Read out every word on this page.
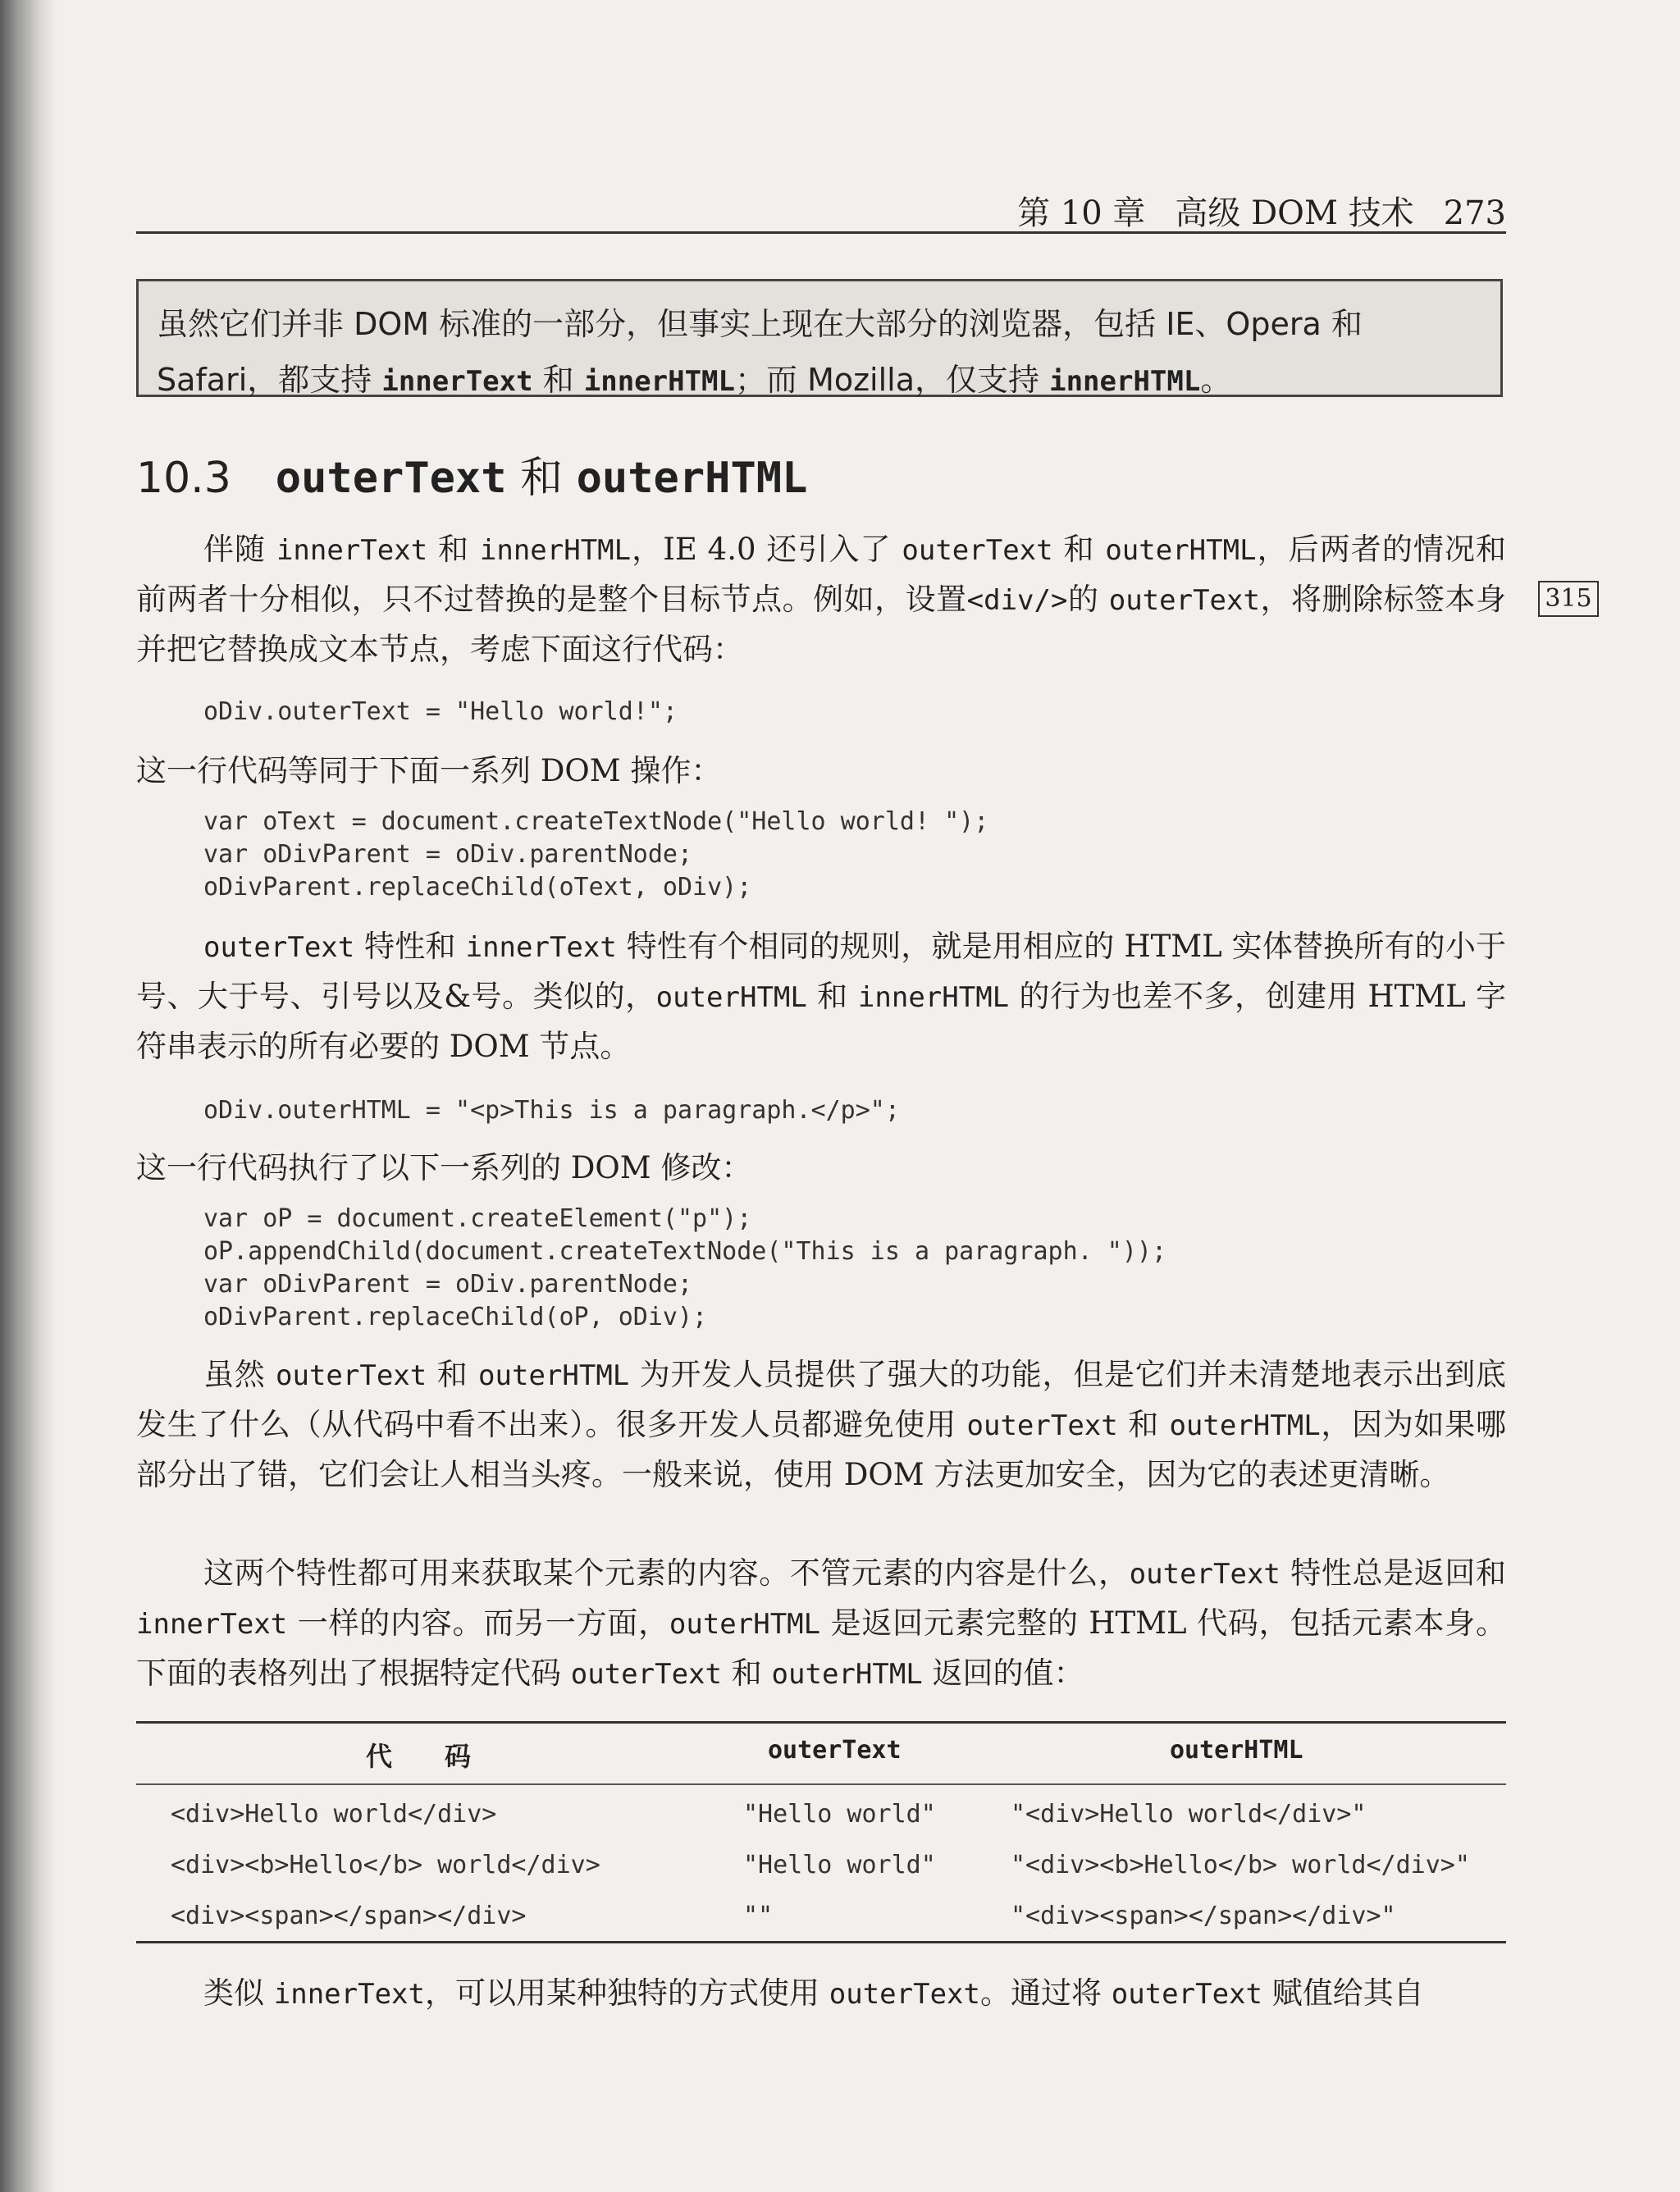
第 10 章 高级 DOM 技术 273

虽然它们并非 DOM 标准的一部分，但事实上现在大部分的浏览器，包括 IE、Opera 和

Safari，都支持 innerText 和 innerHTML；而 Mozilla，仅支持 innerHTML。

10.3 outerText 和 outerHTML
315

伴随 innerText 和 innerHTML，IE 4.0 还引入了 outerText 和 outerHTML，后两者的情况和前两者十分相似，只不过替换的是整个目标节点。例如，设置<div/>的 outerText，将删除标签本身并把它替换成文本节点，考虑下面这行代码：

oDiv.outerText = "Hello world!";

这一行代码等同于下面一系列 DOM 操作：

var oText = document.createTextNode("Hello world! ");
var oDivParent = oDiv.parentNode;
oDivParent.replaceChild(oText, oDiv);

outerText 特性和 innerText 特性有个相同的规则，就是用相应的 HTML 实体替换所有的小于号、大于号、引号以及&号。类似的，outerHTML 和 innerHTML 的行为也差不多，创建用 HTML 字符串表示的所有必要的 DOM 节点。

oDiv.outerHTML = "<p>This is a paragraph.</p>";

这一行代码执行了以下一系列的 DOM 修改：

var oP = document.createElement("p");
oP.appendChild(document.createTextNode("This is a paragraph. "));
var oDivParent = oDiv.parentNode;
oDivParent.replaceChild(oP, oDiv);

虽然 outerText 和 outerHTML 为开发人员提供了强大的功能，但是它们并未清楚地表示出到底发生了什么（从代码中看不出来）。很多开发人员都避免使用 outerText 和 outerHTML，因为如果哪部分出了错，它们会让人相当头疼。一般来说，使用 DOM 方法更加安全，因为它的表述更清晰。

这两个特性都可用来获取某个元素的内容。不管元素的内容是什么，outerText 特性总是返回和 innerText 一样的内容。而另一方面，outerHTML 是返回元素完整的 HTML 代码，包括元素本身。下面的表格列出了根据特定代码 outerText 和 outerHTML 返回的值：

代　　码	outerText	outerHTML
<div>Hello world</div>	"Hello world"	"<div>Hello world</div>"
<div><b>Hello</b> world</div>	"Hello world"	"<div><b>Hello</b> world</div>"
<div><span></span></div>	""	"<div><span></span></div>"

类似 innerText，可以用某种独特的方式使用 outerText。通过将 outerText 赋值给其自
